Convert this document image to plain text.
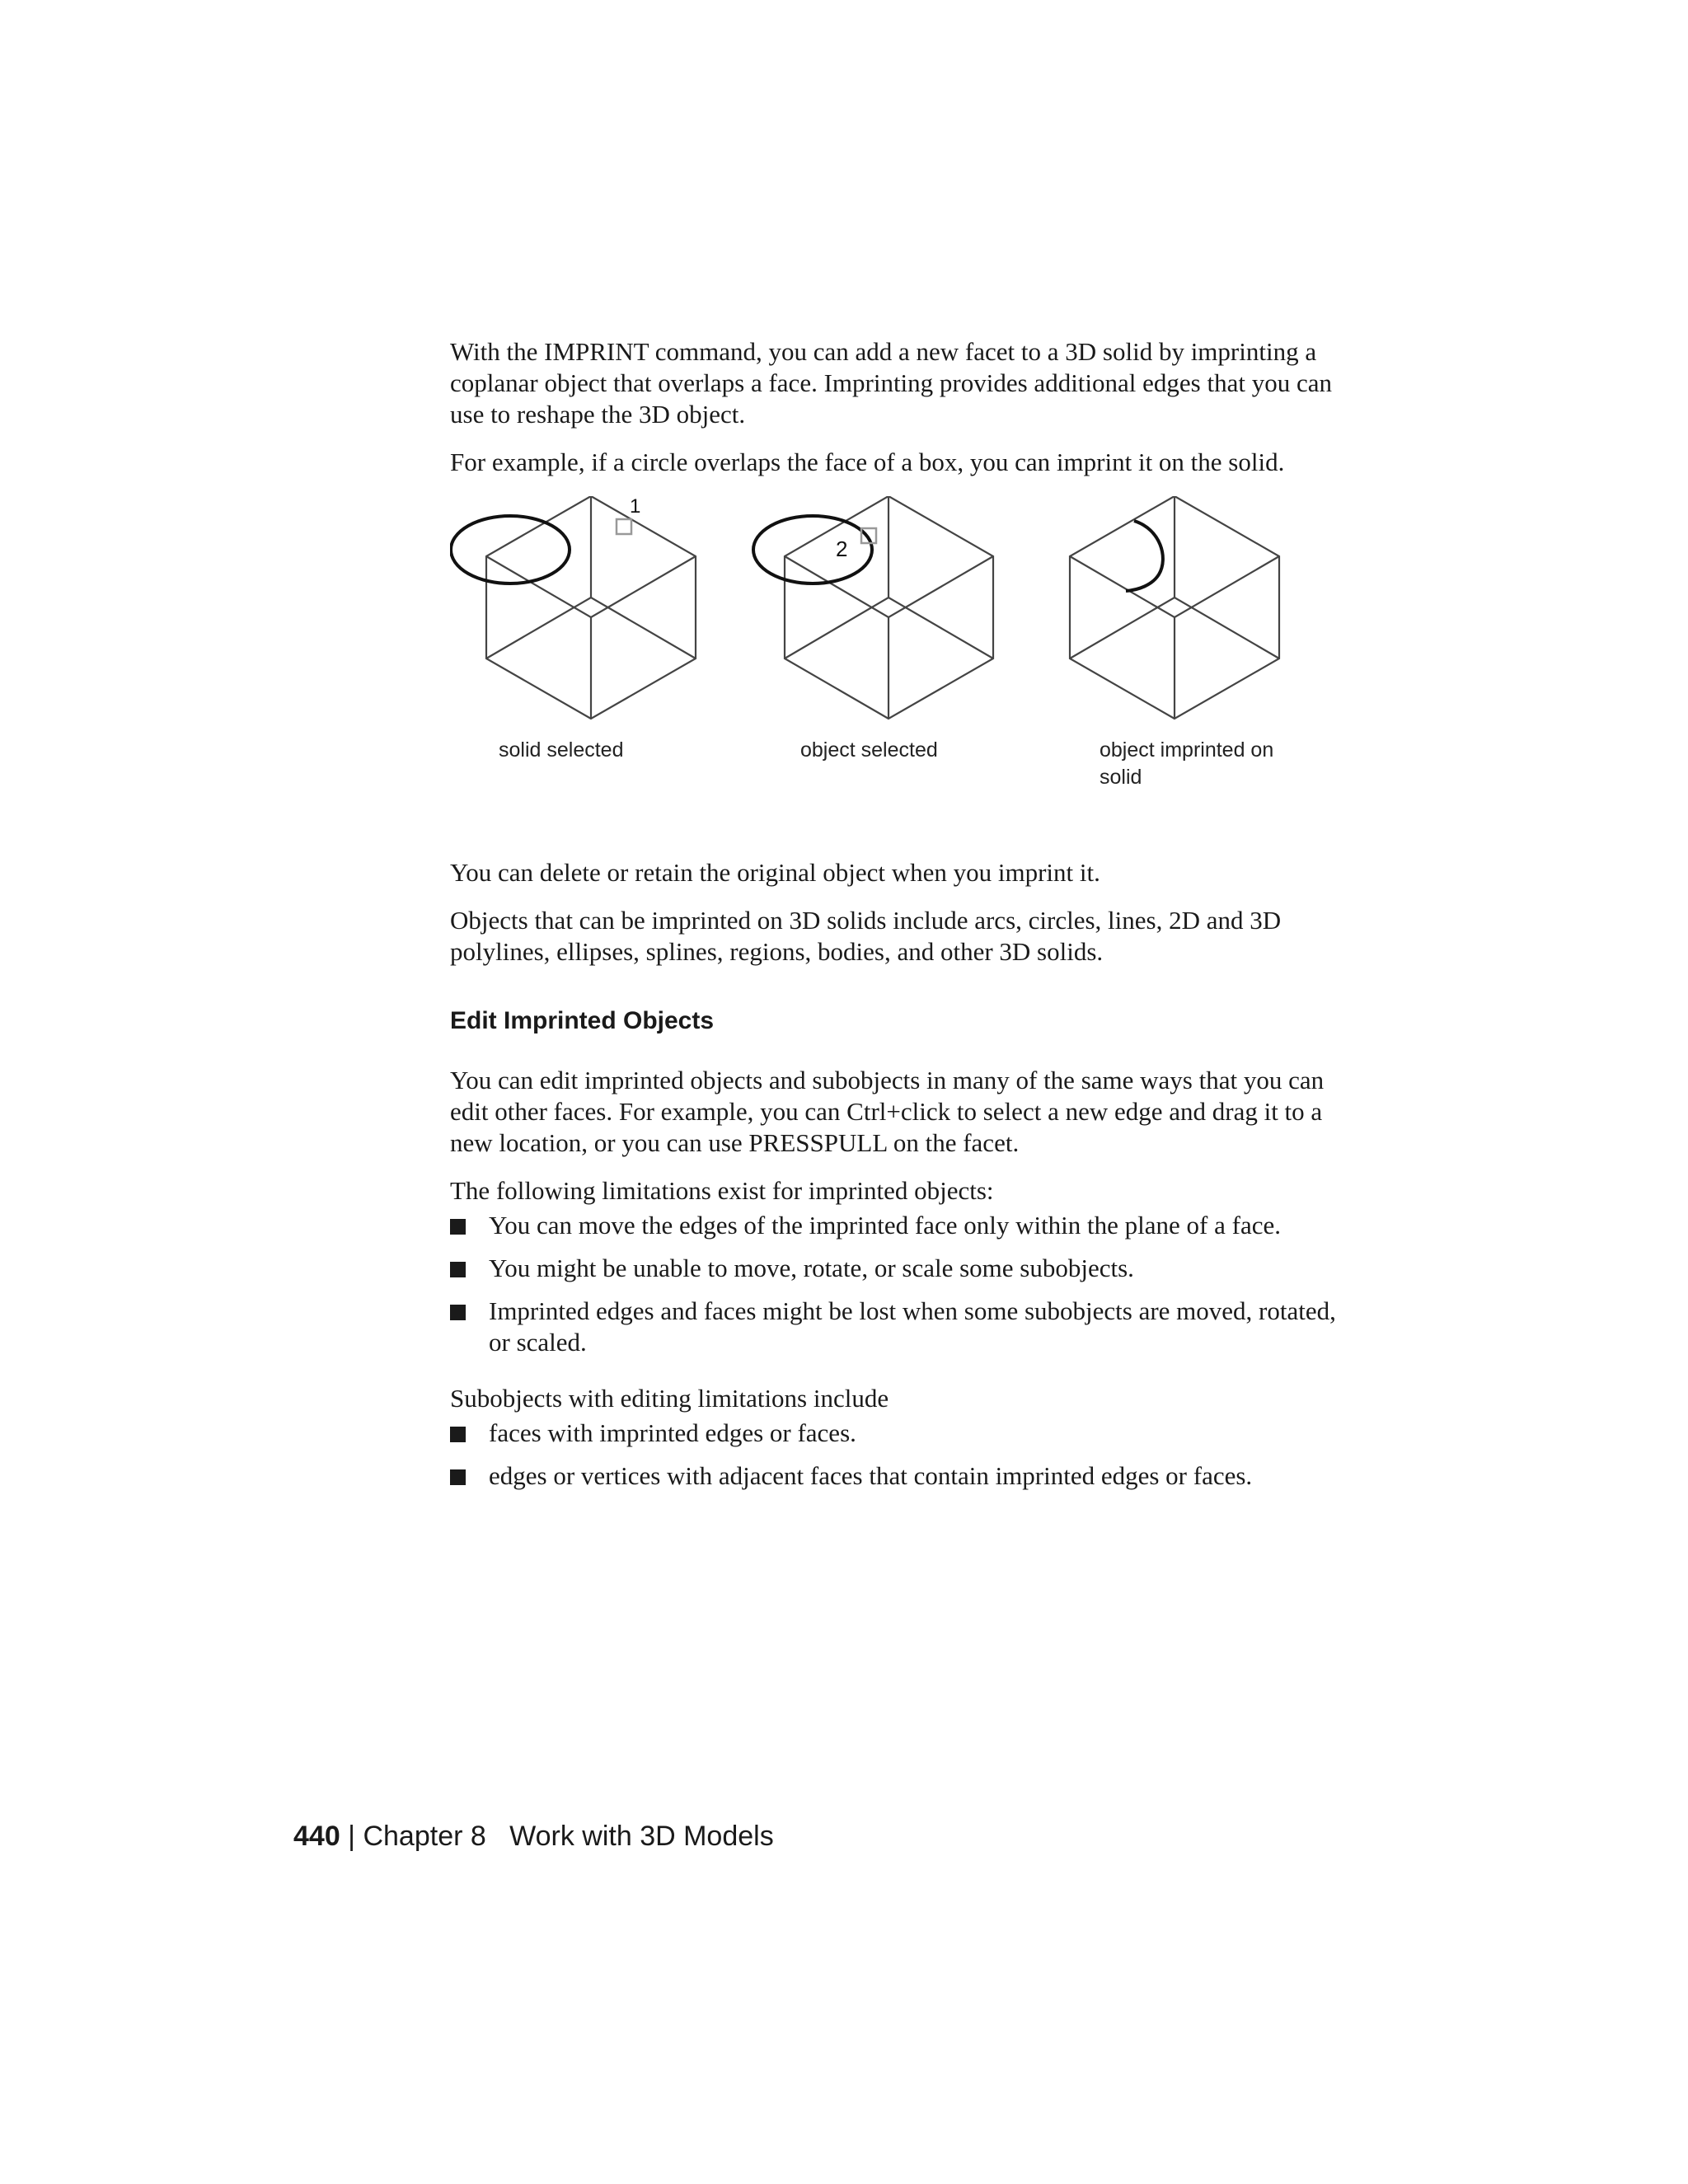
With the IMPRINT command, you can add a new facet to a 3D solid by imprinting a coplanar object that overlaps a face. Imprinting provides additional edges that you can use to reshape the 3D object.

For example, if a circle overlaps the face of a box, you can imprint it on the solid.

1
2
solid selected	object selected	object imprinted on solid

You can delete or retain the original object when you imprint it.

Objects that can be imprinted on 3D solids include arcs, circles, lines, 2D and 3D polylines, ellipses, splines, regions, bodies, and other 3D solids.

Edit Imprinted Objects

You can edit imprinted objects and subobjects in many of the same ways that you can edit other faces. For example, you can Ctrl+click to select a new edge and drag it to a new location, or you can use PRESSPULL on the facet.

The following limitations exist for imprinted objects:

You can move the edges of the imprinted face only within the plane of a face.
You might be unable to move, rotate, or scale some subobjects.
Imprinted edges and faces might be lost when some subobjects are moved, rotated, or scaled.

Subobjects with editing limitations include

faces with imprinted edges or faces.
edges or vertices with adjacent faces that contain imprinted edges or faces.
440 | Chapter 8 Work with 3D Models
